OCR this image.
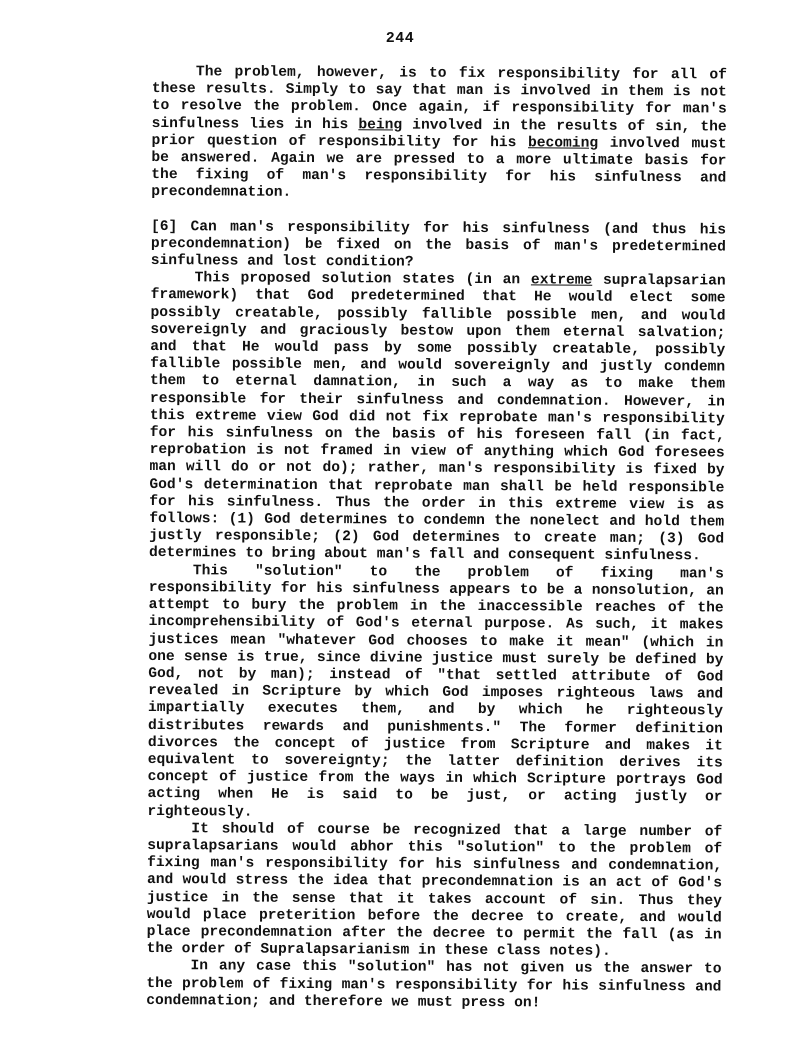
244

The problem, however, is to fix responsibility for all of these results. Simply to say that man is involved in them is not to resolve the problem. Once again, if responsibility for man's sinfulness lies in his being involved in the results of sin, the prior question of responsibility for his becoming involved must be answered. Again we are pressed to a more ultimate basis for the fixing of man's responsibility for his sinfulness and precondemnation.

[6] Can man's responsibility for his sinfulness (and thus his precondemnation) be fixed on the basis of man's predetermined sinfulness and lost condition?

This proposed solution states (in an extreme supralapsarian framework) that God predetermined that He would elect some possibly creatable, possibly fallible possible men, and would sovereignly and graciously bestow upon them eternal salvation; and that He would pass by some possibly creatable, possibly fallible possible men, and would sovereignly and justly condemn them to eternal damnation, in such a way as to make them responsible for their sinfulness and condemnation. However, in this extreme view God did not fix reprobate man's responsibility for his sinfulness on the basis of his foreseen fall (in fact, reprobation is not framed in view of anything which God foresees man will do or not do); rather, man's responsibility is fixed by God's determination that reprobate man shall be held responsible for his sinfulness. Thus the order in this extreme view is as follows: (1) God determines to condemn the nonelect and hold them justly responsible; (2) God determines to create man; (3) God determines to bring about man's fall and consequent sinfulness.

This "solution" to the problem of fixing man's responsibility for his sinfulness appears to be a nonsolution, an attempt to bury the problem in the inaccessible reaches of the incomprehensibility of God's eternal purpose. As such, it makes justices mean "whatever God chooses to make it mean" (which in one sense is true, since divine justice must surely be defined by God, not by man); instead of "that settled attribute of God revealed in Scripture by which God imposes righteous laws and impartially executes them, and by which he righteously distributes rewards and punishments." The former definition divorces the concept of justice from Scripture and makes it equivalent to sovereignty; the latter definition derives its concept of justice from the ways in which Scripture portrays God acting when He is said to be just, or acting justly or righteously.

It should of course be recognized that a large number of supralapsarians would abhor this "solution" to the problem of fixing man's responsibility for his sinfulness and condemnation, and would stress the idea that precondemnation is an act of God's justice in the sense that it takes account of sin. Thus they would place preterition before the decree to create, and would place precondemnation after the decree to permit the fall (as in the order of Supralapsarianism in these class notes).

In any case this "solution" has not given us the answer to the problem of fixing man's responsibility for his sinfulness and condemnation; and therefore we must press on!
